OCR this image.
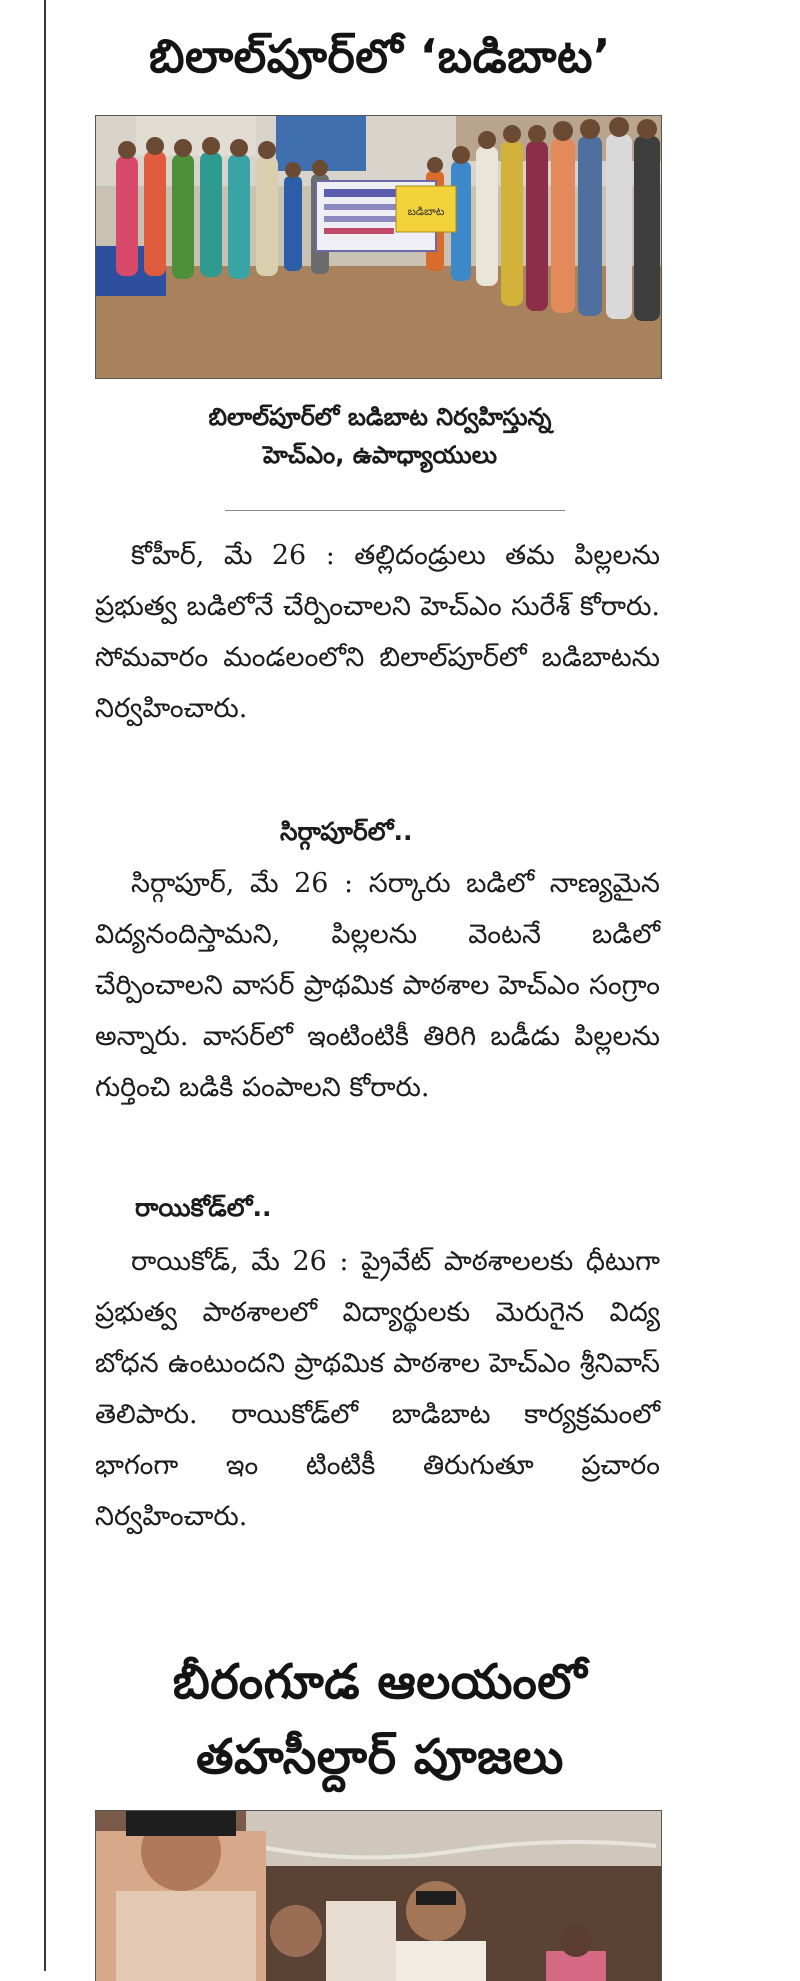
బిలాల్‌పూర్‌లో ‘బడిబాట’
బడిబాట
బిలాల్‌పూర్‌లో బడిబాట నిర్వహిస్తున్న
హెచ్‌ఎం, ఉపాధ్యాయులు

కోహీర్, మే 26 : తల్లిదండ్రులు తమ పిల్లలను ప్రభుత్వ బడిలోనే చేర్పించాలని హెచ్‌ఎం సురేశ్ కోరారు. సోమవారం మండలంలోని బిలాల్‌పూర్‌లో బడిబాటను నిర్వహించారు.

సిర్గాపూర్‌లో..

సిర్గాపూర్, మే 26 : సర్కారు బడిలో నాణ్యమైన విద్యనందిస్తామని, పిల్లలను వెంటనే బడిలో చేర్పించాలని వాసర్ ప్రాథమిక పాఠశాల హెచ్‌ఎం సంగ్రాం అన్నారు. వాసర్‌లో ఇంటింటికీ తిరిగి బడీడు పిల్లలను గుర్తించి బడికి పంపాలని కోరారు.

రాయికోడ్‌లో..

రాయికోడ్, మే 26 : ప్రైవేట్ పాఠశాలలకు ధీటుగా ప్రభుత్వ పాఠశాలలో విద్యార్థులకు మెరుగైన విద్య బోధన ఉంటుందని ప్రాథమిక పాఠశాల హెచ్‌ఎం శ్రీనివాస్ తెలిపారు. రాయికోడ్‌లో బాడిబాట కార్యక్రమంలో భాగంగా ఇం టింటికీ తిరుగుతూ ప్రచారం నిర్వహించారు.

బీరంగూడ ఆలయంలో
తహసీల్దార్ పూజలు
